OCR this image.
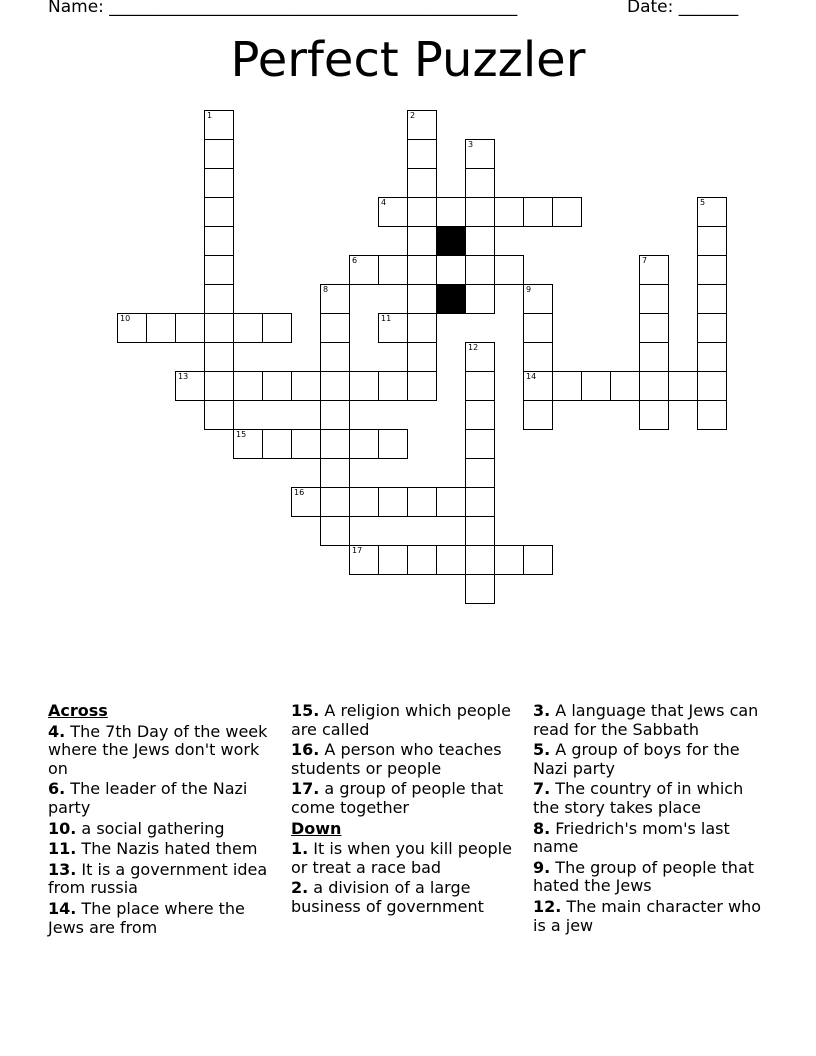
Name: ________________________________________________	Date: _______
Perfect Puzzler
1	2
3
4	5
6	7
8	9
10	11
12
13	14
15
16
17
Across
4. The 7th Day of the week where the Jews don't work on
6. The leader of the Nazi party
10. a social gathering
11. The Nazis hated them
13. It is a government idea from russia
14. The place where the Jews are from
15. A religion which people are called
16. A person who teaches students or people
17. a group of people that come together
Down
1. It is when you kill people or treat a race bad
2. a division of a large business of government
3. A language that Jews can read for the Sabbath
5. A group of boys for the Nazi party
7. The country of in which the story takes place
8. Friedrich's mom's last name
9. The group of people that hated the Jews
12. The main character who is a jew
